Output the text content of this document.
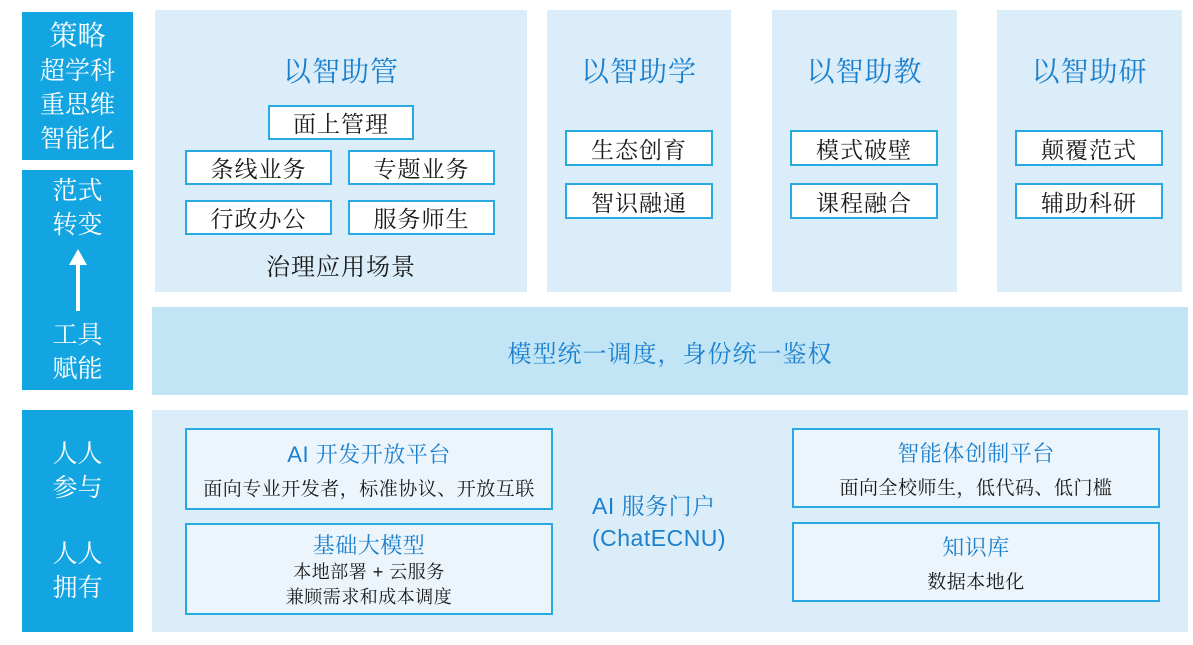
策略
超学科
重思维
智能化
范式
转变
工具
赋能
人人
参与
人人
拥有
以智助管
面上管理
条线业务	专题业务
行政办公	服务师生
治理应用场景
以智助学
生态创育
智识融通
以智助教
模式破壁
课程融合
以智助研
颠覆范式
辅助科研
模型统一调度，身份统一鉴权
AI 开发开放平台
面向专业开发者，标准协议、开放互联
基础大模型
本地部署 + 云服务
兼顾需求和成本调度
AI 服务门户
(ChatECNU)
智能体创制平台
面向全校师生，低代码、低门槛
知识库
数据本地化
